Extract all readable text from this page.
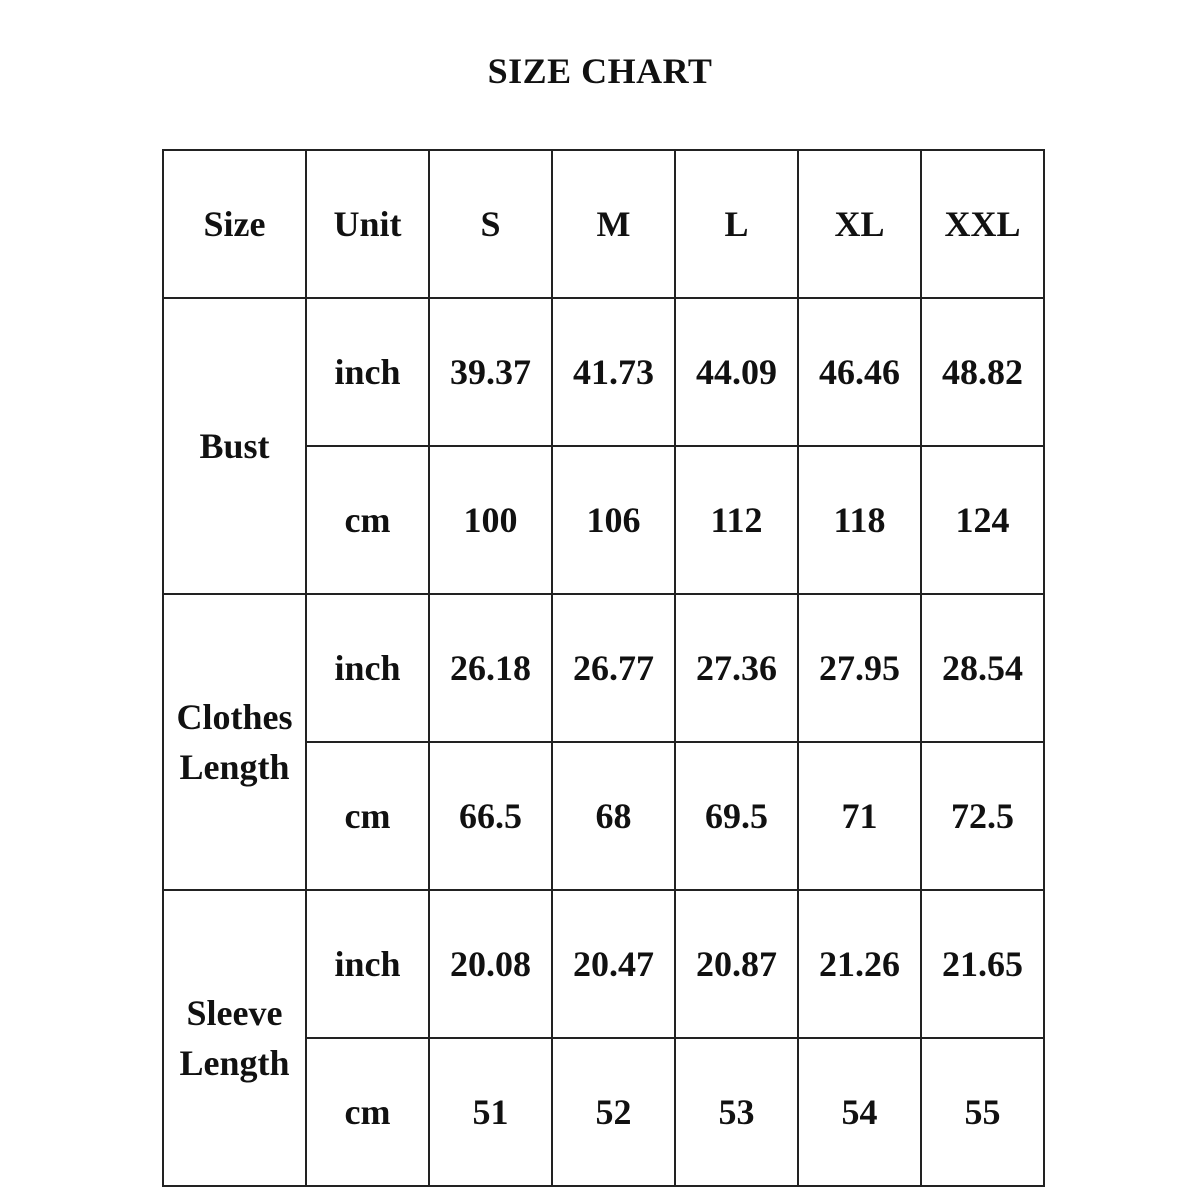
SIZE CHART
Size	Unit	S	M	L	XL	XXL
Bust	inch	39.37	41.73	44.09	46.46	48.82
	cm	100	106	112	118	124
Clothes
Length	inch	26.18	26.77	27.36	27.95	28.54
	cm	66.5	68	69.5	71	72.5
Sleeve
Length	inch	20.08	20.47	20.87	21.26	21.65
	cm	51	52	53	54	55
